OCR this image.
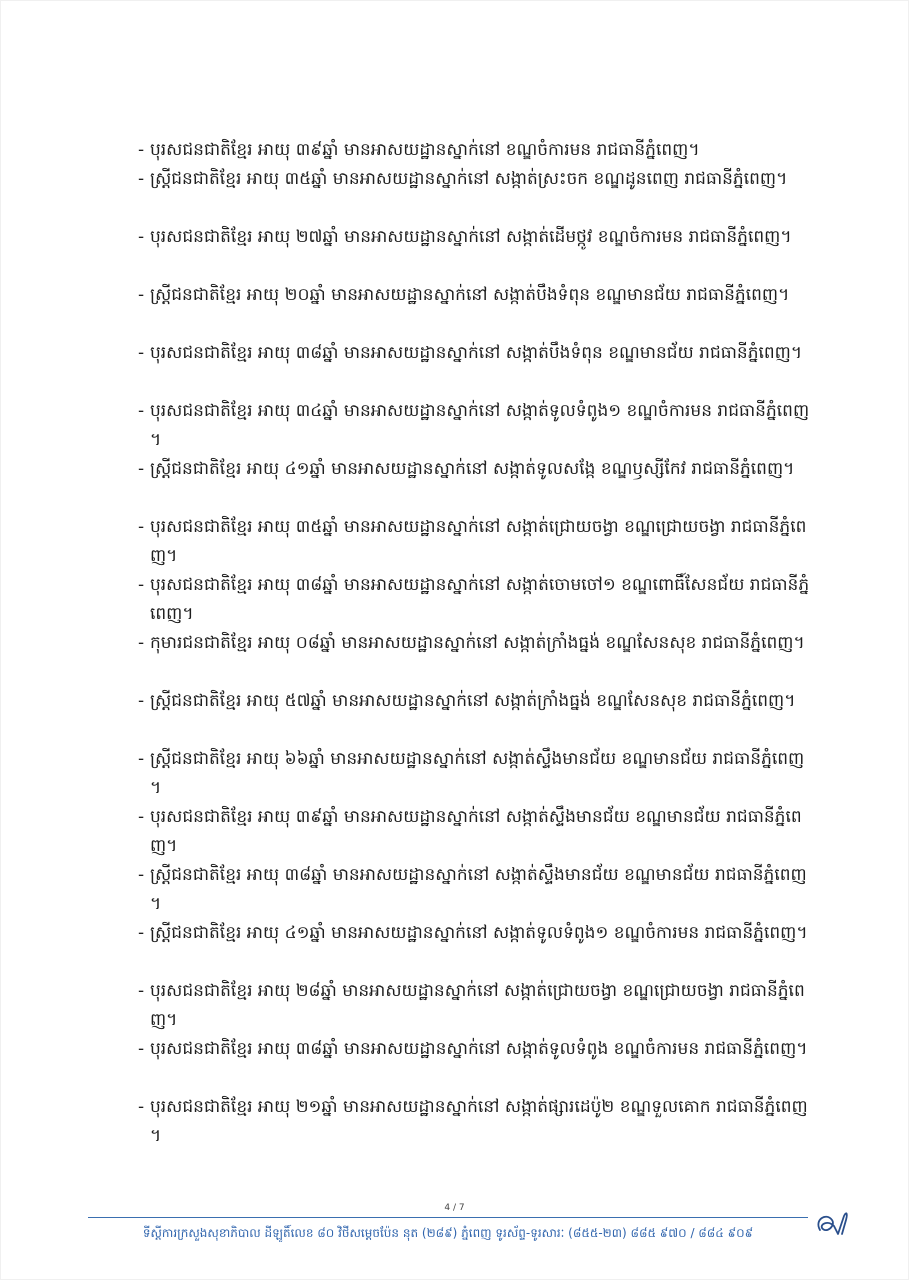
- បុរសជនជាតិខ្មែរ អាយុ ៣៩ឆ្នាំ មានអាសយដ្ឋានស្នាក់នៅ ខណ្ឌចំការមន រាជធានីភ្នំពេញ។
- ស្ត្រីជនជាតិខ្មែរ អាយុ ៣៥ឆ្នាំ មានអាសយដ្ឋានស្នាក់នៅ សង្កាត់ស្រះចក ខណ្ឌដូនពេញ រាជធានីភ្នំពេញ។
- បុរសជនជាតិខ្មែរ អាយុ ២៧ឆ្នាំ មានអាសយដ្ឋានស្នាក់នៅ សង្កាត់ដើមថ្កូវ ខណ្ឌចំការមន រាជធានីភ្នំពេញ។
- ស្ត្រីជនជាតិខ្មែរ អាយុ ២០ឆ្នាំ មានអាសយដ្ឋានស្នាក់នៅ សង្កាត់បឹងទំពុន ខណ្ឌមានជ័យ រាជធានីភ្នំពេញ។
- បុរសជនជាតិខ្មែរ អាយុ ៣៨ឆ្នាំ មានអាសយដ្ឋានស្នាក់នៅ សង្កាត់បឹងទំពុន ខណ្ឌមានជ័យ រាជធានីភ្នំពេញ។
- បុរសជនជាតិខ្មែរ អាយុ ៣៤ឆ្នាំ មានអាសយដ្ឋានស្នាក់នៅ សង្កាត់ទូលទំពូង១ ខណ្ឌចំការមន រាជធានីភ្នំពេញ។
- ស្ត្រីជនជាតិខ្មែរ អាយុ ៤១ឆ្នាំ មានអាសយដ្ឋានស្នាក់នៅ សង្កាត់ទូលសង្កែ ខណ្ឌឫស្សីកែវ រាជធានីភ្នំពេញ។
- បុរសជនជាតិខ្មែរ អាយុ ៣៥ឆ្នាំ មានអាសយដ្ឋានស្នាក់នៅ សង្កាត់ជ្រោយចង្វា ខណ្ឌជ្រោយចង្វា រាជធានីភ្នំពេញ។
- បុរសជនជាតិខ្មែរ អាយុ ៣៨ឆ្នាំ មានអាសយដ្ឋានស្នាក់នៅ សង្កាត់ចោមចៅ១ ខណ្ឌពោធិ៍សែនជ័យ រាជធានីភ្នំពេញ។
- កុមារជនជាតិខ្មែរ អាយុ ០៨ឆ្នាំ មានអាសយដ្ឋានស្នាក់នៅ សង្កាត់ក្រាំងធ្នង់ ខណ្ឌសែនសុខ រាជធានីភ្នំពេញ។
- ស្ត្រីជនជាតិខ្មែរ អាយុ ៥៧ឆ្នាំ មានអាសយដ្ឋានស្នាក់នៅ សង្កាត់ក្រាំងធ្នង់ ខណ្ឌសែនសុខ រាជធានីភ្នំពេញ។
- ស្ត្រីជនជាតិខ្មែរ អាយុ ៦៦ឆ្នាំ មានអាសយដ្ឋានស្នាក់នៅ សង្កាត់ស្ទឹងមានជ័យ ខណ្ឌមានជ័យ រាជធានីភ្នំពេញ។
- បុរសជនជាតិខ្មែរ អាយុ ៣៩ឆ្នាំ មានអាសយដ្ឋានស្នាក់នៅ សង្កាត់ស្ទឹងមានជ័យ ខណ្ឌមានជ័យ រាជធានីភ្នំពេញ។
- ស្ត្រីជនជាតិខ្មែរ អាយុ ៣៨ឆ្នាំ មានអាសយដ្ឋានស្នាក់នៅ សង្កាត់ស្ទឹងមានជ័យ ខណ្ឌមានជ័យ រាជធានីភ្នំពេញ។
- ស្ត្រីជនជាតិខ្មែរ អាយុ ៤១ឆ្នាំ មានអាសយដ្ឋានស្នាក់នៅ សង្កាត់ទូលទំពូង១ ខណ្ឌចំការមន រាជធានីភ្នំពេញ។
- បុរសជនជាតិខ្មែរ អាយុ ២៨ឆ្នាំ មានអាសយដ្ឋានស្នាក់នៅ សង្កាត់ជ្រោយចង្វា ខណ្ឌជ្រោយចង្វា រាជធានីភ្នំពេញ។
- បុរសជនជាតិខ្មែរ អាយុ ៣៨ឆ្នាំ មានអាសយដ្ឋានស្នាក់នៅ សង្កាត់ទូលទំពូង ខណ្ឌចំការមន រាជធានីភ្នំពេញ។
- បុរសជនជាតិខ្មែរ អាយុ ២១ឆ្នាំ មានអាសយដ្ឋានស្នាក់នៅ សង្កាត់ផ្សារដេប៉ូ២ ខណ្ឌទួលគោក រាជធានីភ្នំពេញ។
4 / 7
ទីស្តីការក្រសួងសុខាភិបាល ដីឡូតិ៍លេខ ៨០ វិថីសម្តេចប៉ែន នុត (២៨៩) ភ្នំពេញ ទូរស័ព្ទ-ទូរសារៈ (៨៥៥-២៣) ៨៨៥ ៩៧០ / ៨៨៤ ៩០៩
